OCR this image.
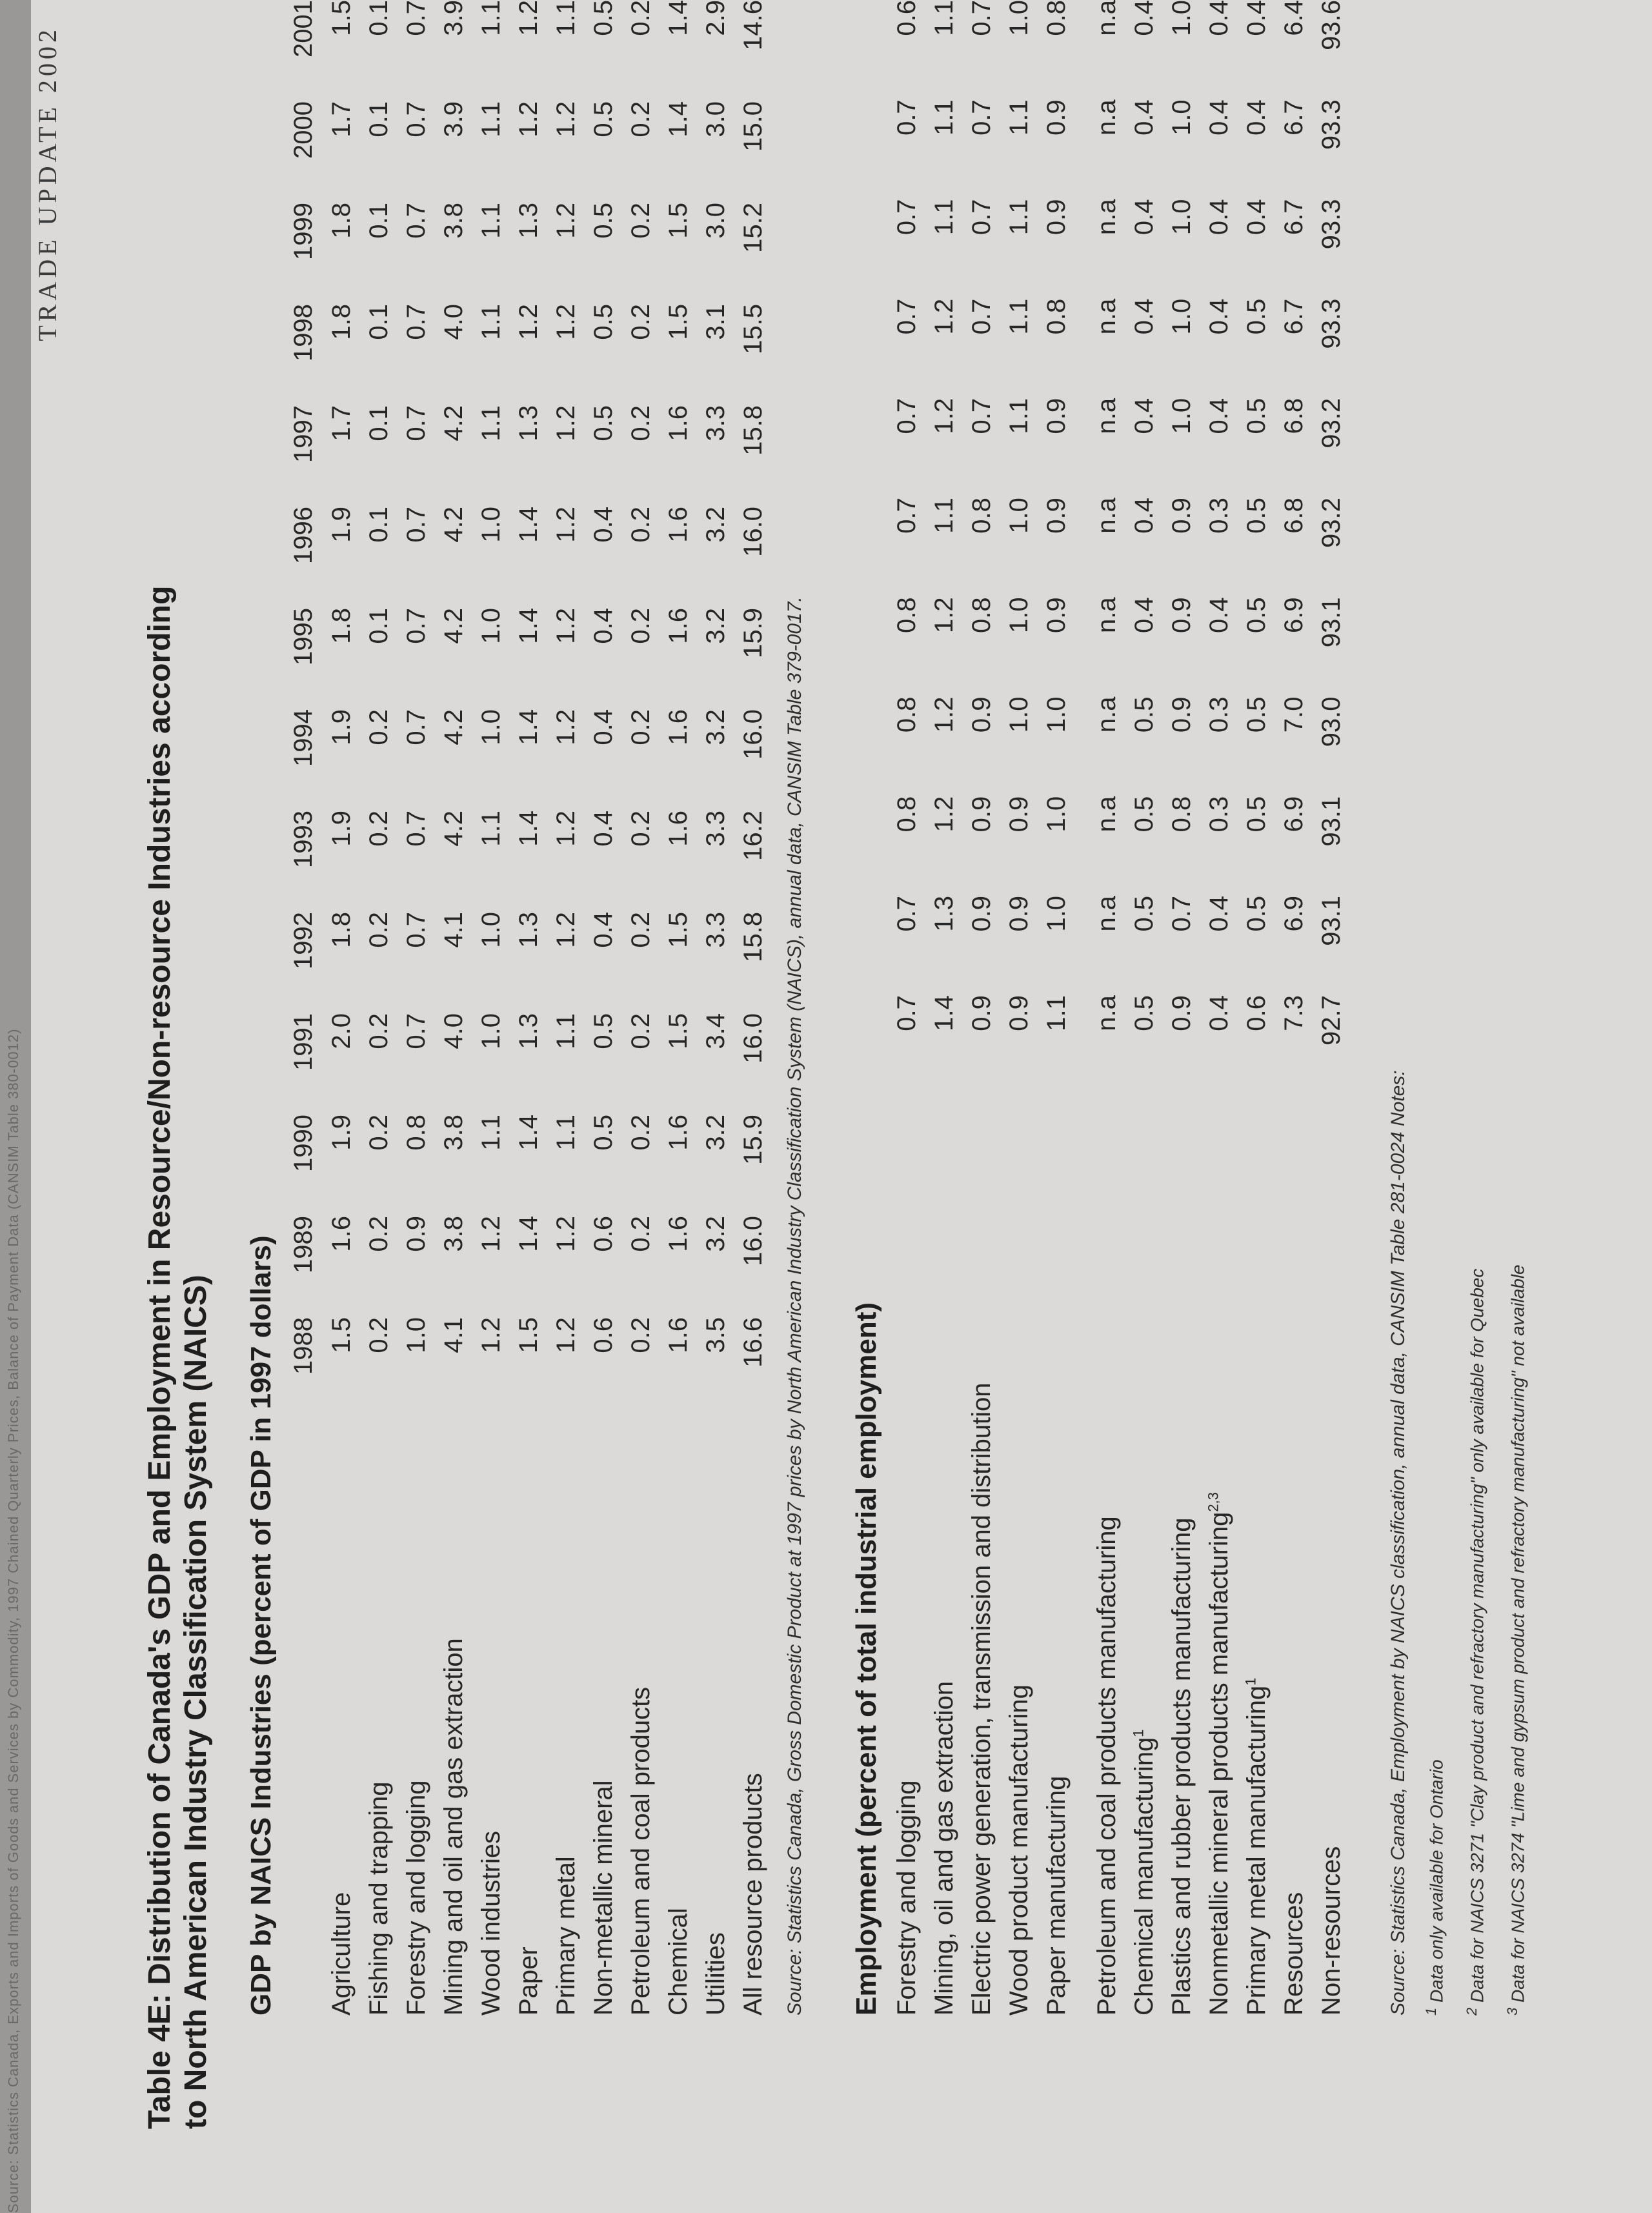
Source: Statistics Canada, Exports and Imports of Goods and Services by Commodity, 1997 Chained Quarterly Prices, Balance of Payment Data (CANSIM Table 380-0012)
TRADE UPDATE 2002
Table 4E: Distribution of Canada's GDP and Employment in Resource/Non-resource Industries according to North American Industry Classification System (NAICS) GDP by NAICS Industries (percent of GDP in 1997 dollars)
	1988	1989	1990	1991	1992	1993	1994	1995	1996	1997	1998	1999	2000	2001
Agriculture	1.5	1.6	1.9	2.0	1.8	1.9	1.9	1.8	1.9	1.7	1.8	1.8	1.7	1.5
Fishing and trapping	0.2	0.2	0.2	0.2	0.2	0.2	0.2	0.1	0.1	0.1	0.1	0.1	0.1	0.1
Forestry and logging	1.0	0.9	0.8	0.7	0.7	0.7	0.7	0.7	0.7	0.7	0.7	0.7	0.7	0.7
Mining and oil and gas extraction	4.1	3.8	3.8	4.0	4.1	4.2	4.2	4.2	4.2	4.2	4.0	3.8	3.9	3.9
Wood industries	1.2	1.2	1.1	1.0	1.0	1.1	1.0	1.0	1.0	1.1	1.1	1.1	1.1	1.1
Paper	1.5	1.4	1.4	1.3	1.3	1.4	1.4	1.4	1.4	1.3	1.2	1.3	1.2	1.2
Primary metal	1.2	1.2	1.1	1.1	1.2	1.2	1.2	1.2	1.2	1.2	1.2	1.2	1.2	1.1
Non-metallic mineral	0.6	0.6	0.5	0.5	0.4	0.4	0.4	0.4	0.4	0.5	0.5	0.5	0.5	0.5
Petroleum and coal products	0.2	0.2	0.2	0.2	0.2	0.2	0.2	0.2	0.2	0.2	0.2	0.2	0.2	0.2
Chemical	1.6	1.6	1.6	1.5	1.5	1.6	1.6	1.6	1.6	1.6	1.5	1.5	1.4	1.4
Utilities	3.5	3.2	3.2	3.4	3.3	3.3	3.2	3.2	3.2	3.3	3.1	3.0	3.0	2.9
All resource products	16.6	16.0	15.9	16.0	15.8	16.2	16.0	15.9	16.0	15.8	15.5	15.2	15.0	14.6
Source: Statistics Canada, Gross Domestic Product at 1997 prices by North American Industry Classification System (NAICS), annual data, CANSIM Table 379-0017. Employment (percent of total industrial employment)
														Forestry and logging				0.7	0.7	0.8	0.8	0.8	0.7	0.7	0.7	0.7	0.7	0.6
Mining, oil and gas extraction				1.4	1.3	1.2	1.2	1.2	1.1	1.2	1.2	1.1	1.1	1.1
Electric power generation, transmission and distribution				0.9	0.9	0.9	0.9	0.8	0.8	0.7	0.7	0.7	0.7	0.7
Wood product manufacturing				0.9	0.9	0.9	1.0	1.0	1.0	1.1	1.1	1.1	1.1	1.0
Paper manufacturing				1.1	1.0	1.0	1.0	0.9	0.9	0.9	0.8	0.9	0.9	0.8

Petroleum and coal products manufacturing				n.a	n.a	n.a	n.a	n.a	n.a	n.a	n.a	n.a	n.a	n.a
Chemical manufacturing$^1$				0.5	0.5	0.5	0.5	0.4	0.4	0.4	0.4	0.4	0.4	0.4
Plastics and rubber products manufacturing				0.9	0.7	0.8	0.9	0.9	0.9	1.0	1.0	1.0	1.0	1.0
Nonmetallic mineral products manufacturing$^{2,3}$				0.4	0.4	0.3	0.3	0.4	0.3	0.4	0.4	0.4	0.4	0.4
Primary metal manufacturing$^1$				0.6	0.5	0.5	0.5	0.5	0.5	0.5	0.5	0.4	0.4	0.4
Resources				7.3	6.9	6.9	7.0	6.9	6.8	6.8	6.7	6.7	6.7	6.4
Non-resources				92.7	93.1	93.1	93.0	93.1	93.2	93.2	93.3	93.3	93.3	93.6
Source: Statistics Canada, Employment by NAICS classification, annual data, CANSIM Table 281-0024 Notes: $^1$ Data only available for Ontario
$^2$ Data for NAICS 3271 "Clay product and refractory manufacturing" only available for Quebec
$^3$ Data for NAICS 3274 "Lime and gypsum product and refractory manufacturing" not available
